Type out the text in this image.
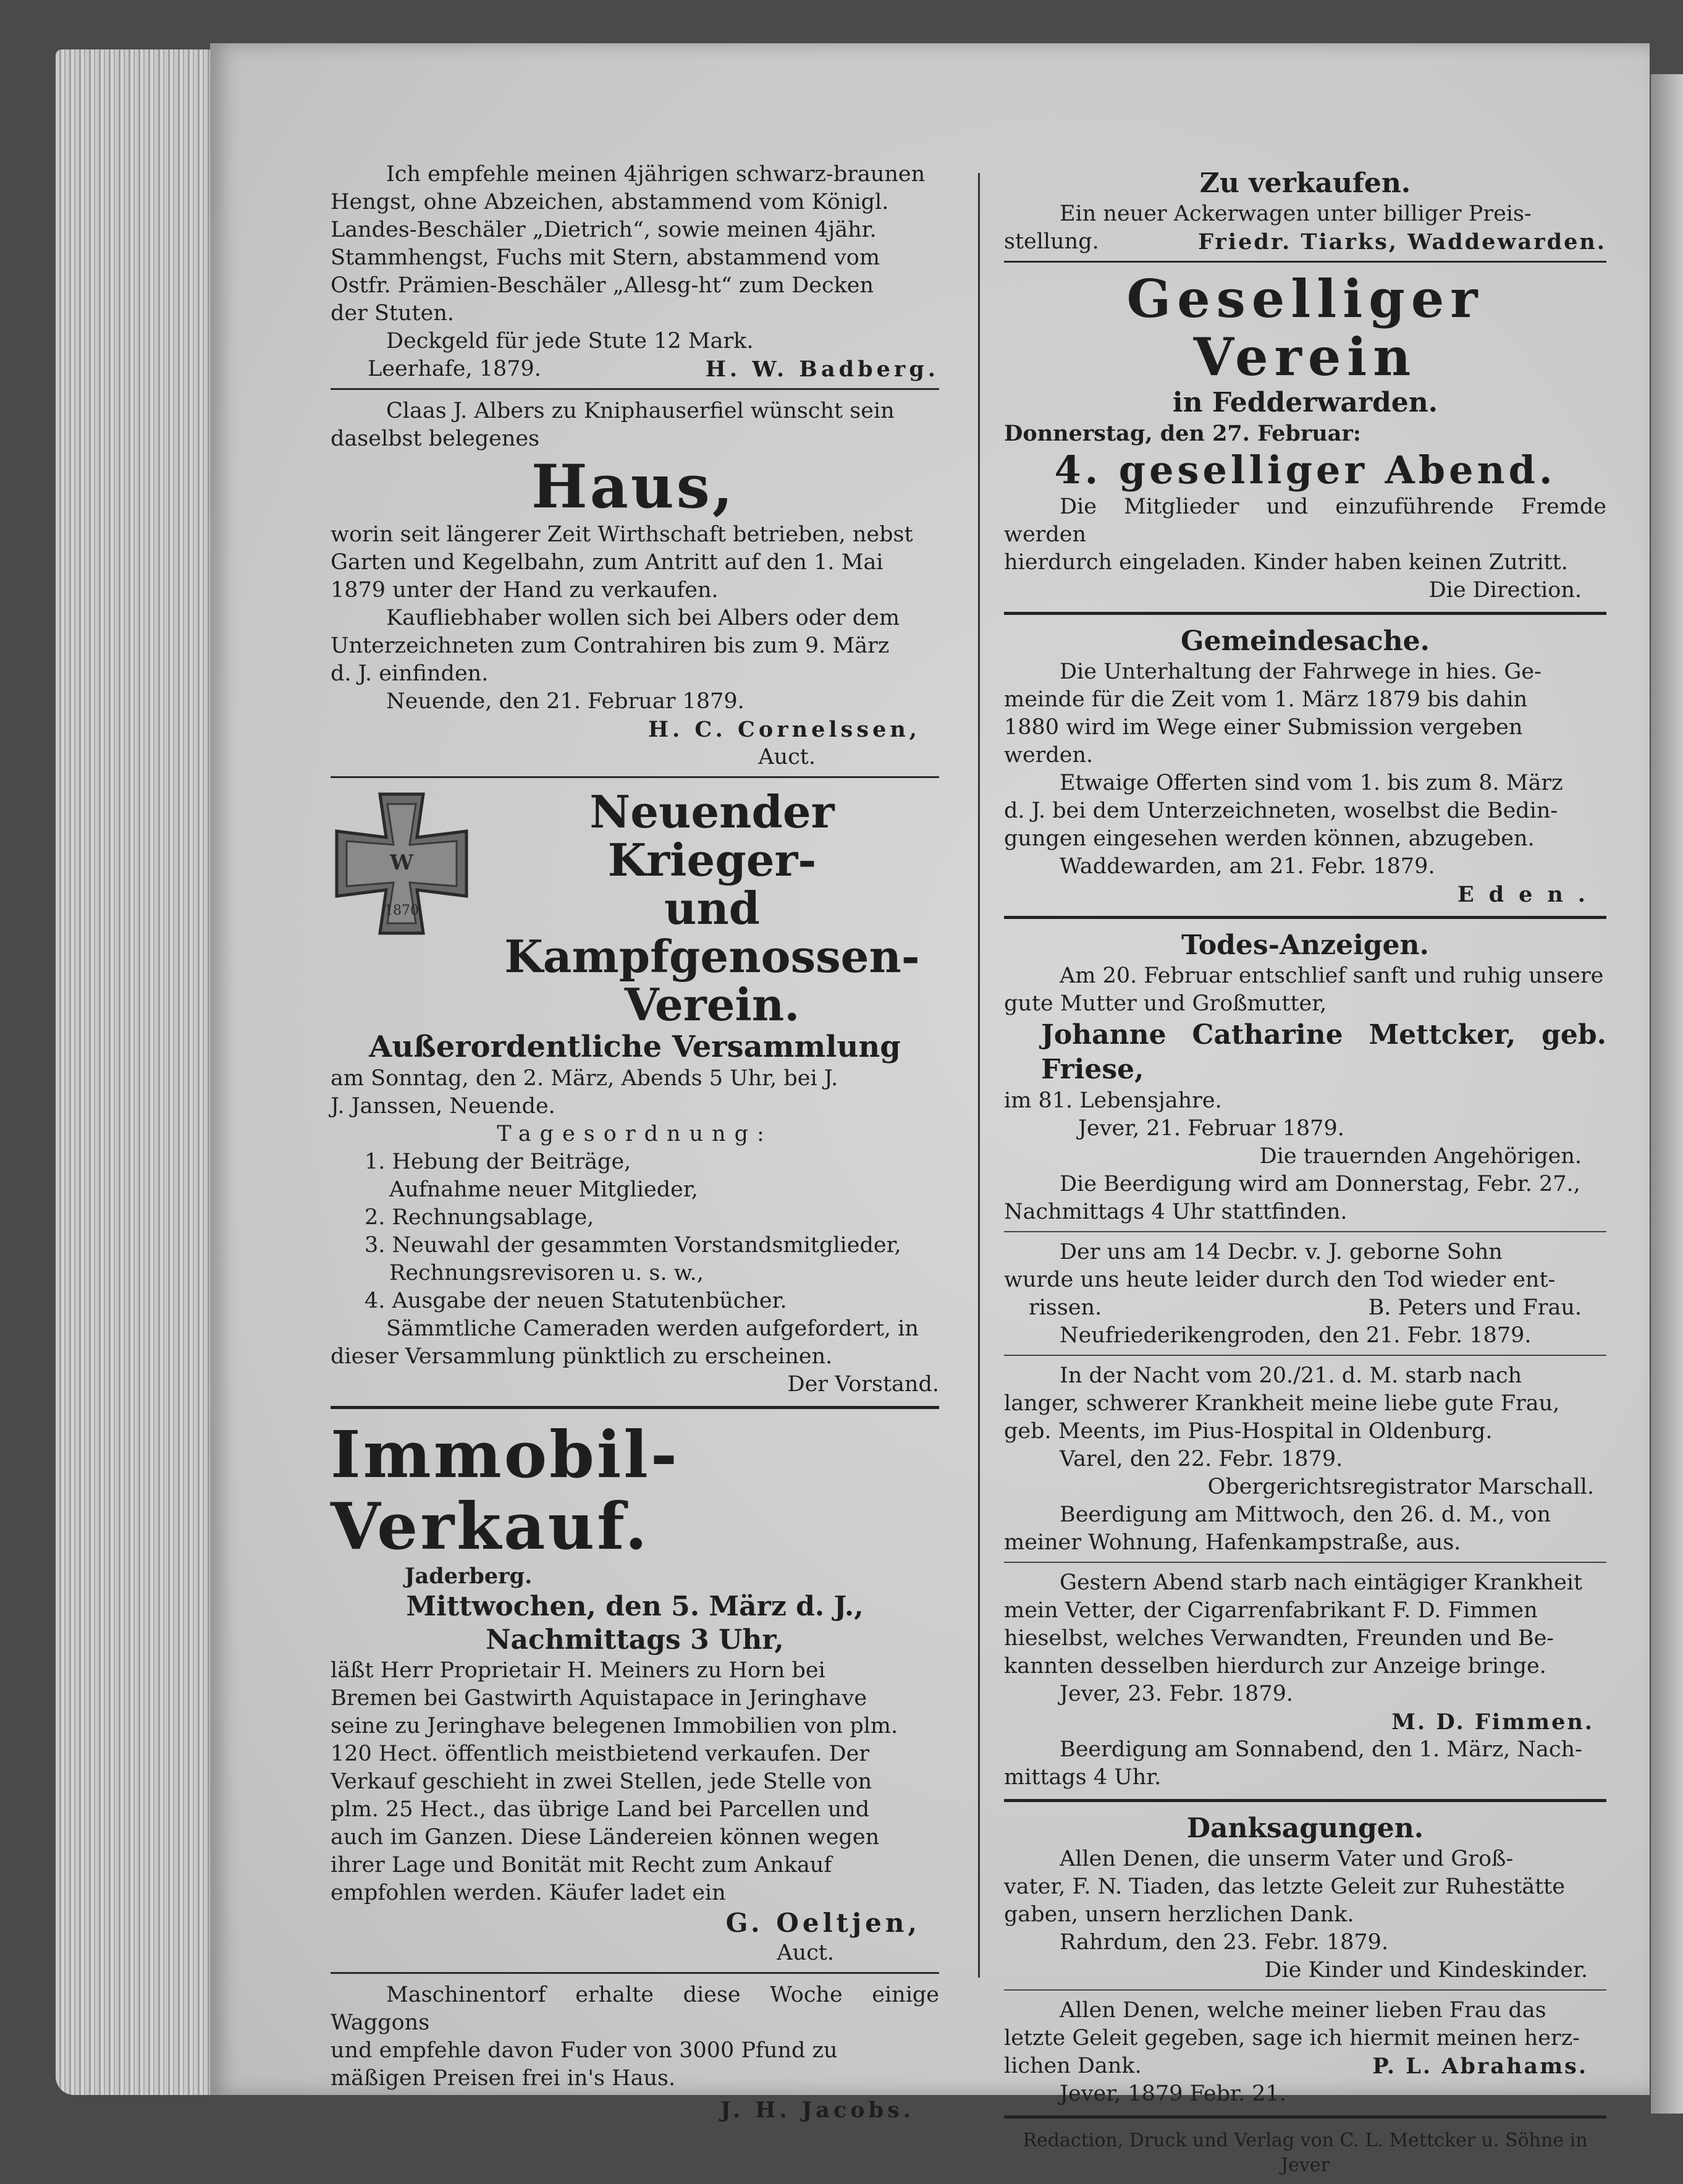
Ich empfehle meinen 4jährigen schwarz-braunen

Hengst, ohne Abzeichen, abstammend vom Königl.

Landes-Beschäler „Dietrich“, sowie meinen 4jähr.

Stammhengst, Fuchs mit Stern, abstammend vom

Ostfr. Prämien-Beschäler „Allesg-ht“ zum Decken

der Stuten.

Deckgeld für jede Stute 12 Mark.

Leerhafe, 1879.	H. W. Badberg.

Claas J. Albers zu Kniphauserfiel wünscht sein

daselbst belegenes

Haus,

worin seit längerer Zeit Wirthschaft betrieben, nebst

Garten und Kegelbahn, zum Antritt auf den 1. Mai

1879 unter der Hand zu verkaufen.

Kaufliebhaber wollen sich bei Albers oder dem

Unterzeichneten zum Contrahiren bis zum 9. März

d. J. einfinden.

Neuende, den 21. Februar 1879.

H. C. Cornelssen,

Auct.

W
1870
Neuender Krieger-
und Kampfgenossen-
Verein.

Außerordentliche Versammlung

am Sonntag, den 2. März, Abends 5 Uhr, bei J.

J. Janssen, Neuende.

Tagesordnung:

1. Hebung der Beiträge,
Aufnahme neuer Mitglieder,
2. Rechnungsablage,
3. Neuwahl der gesammten Vorstandsmitglieder,
Rechnungsrevisoren u. s. w.,
4. Ausgabe der neuen Statutenbücher.

Sämmtliche Cameraden werden aufgefordert, in

dieser Versammlung pünktlich zu erscheinen.

Der Vorstand.

Immobil-Verkauf.

Jaderberg.

Mittwochen, den 5. März d. J.,

Nachmittags 3 Uhr,

läßt Herr Proprietair H. Meiners zu Horn bei

Bremen bei Gastwirth Aquistapace in Jeringhave

seine zu Jeringhave belegenen Immobilien von plm.

120 Hect. öffentlich meistbietend verkaufen. Der

Verkauf geschieht in zwei Stellen, jede Stelle von

plm. 25 Hect., das übrige Land bei Parcellen und

auch im Ganzen. Diese Ländereien können wegen

ihrer Lage und Bonität mit Recht zum Ankauf

empfohlen werden. Käufer ladet ein

G. Oeltjen,

Auct.

Maschinentorf erhalte diese Woche einige Waggons

und empfehle davon Fuder von 3000 Pfund zu

mäßigen Preisen frei in's Haus.

J. H. Jacobs.

Zu verkaufen.

Ein neuer Ackerwagen unter billiger Preis-

stellung.	Friedr. Tiarks, Waddewarden.

Geselliger Verein

in Fedderwarden.

Donnerstag, den 27. Februar:

4. geselliger Abend.

Die Mitglieder und einzuführende Fremde werden

hierdurch eingeladen. Kinder haben keinen Zutritt.

Die Direction.

Gemeindesache.

Die Unterhaltung der Fahrwege in hies. Ge-

meinde für die Zeit vom 1. März 1879 bis dahin

1880 wird im Wege einer Submission vergeben

werden.

Etwaige Offerten sind vom 1. bis zum 8. März

d. J. bei dem Unterzeichneten, woselbst die Bedin-

gungen eingesehen werden können, abzugeben.

Waddewarden, am 21. Febr. 1879.

Eden.

Todes-Anzeigen.

Am 20. Februar entschlief sanft und ruhig unsere

gute Mutter und Großmutter,

Johanne Catharine Mettcker, geb. Friese,

im 81. Lebensjahre.

Jever, 21. Februar 1879.

Die trauernden Angehörigen.

Die Beerdigung wird am Donnerstag, Febr. 27.,

Nachmittags 4 Uhr stattfinden.

Der uns am 14 Decbr. v. J. geborne Sohn

wurde uns heute leider durch den Tod wieder ent-

rissen.	B. Peters und Frau.

Neufriederikengroden, den 21. Febr. 1879.

In der Nacht vom 20./21. d. M. starb nach

langer, schwerer Krankheit meine liebe gute Frau,

geb. Meents, im Pius-Hospital in Oldenburg.

Varel, den 22. Febr. 1879.

Obergerichtsregistrator Marschall.

Beerdigung am Mittwoch, den 26. d. M., von

meiner Wohnung, Hafenkampstraße, aus.

Gestern Abend starb nach eintägiger Krankheit

mein Vetter, der Cigarrenfabrikant F. D. Fimmen

hieselbst, welches Verwandten, Freunden und Be-

kannten desselben hierdurch zur Anzeige bringe.

Jever, 23. Febr. 1879.

M. D. Fimmen.

Beerdigung am Sonnabend, den 1. März, Nach-

mittags 4 Uhr.

Danksagungen.

Allen Denen, die unserm Vater und Groß-

vater, F. N. Tiaden, das letzte Geleit zur Ruhestätte

gaben, unsern herzlichen Dank.

Rahrdum, den 23. Febr. 1879.

Die Kinder und Kindeskinder.

Allen Denen, welche meiner lieben Frau das

letzte Geleit gegeben, sage ich hiermit meinen herz-

lichen Dank.	P. L. Abrahams.

Jever, 1879 Febr. 21.

Redaction, Druck und Verlag von C. L. Mettcker u. Söhne in Jever
